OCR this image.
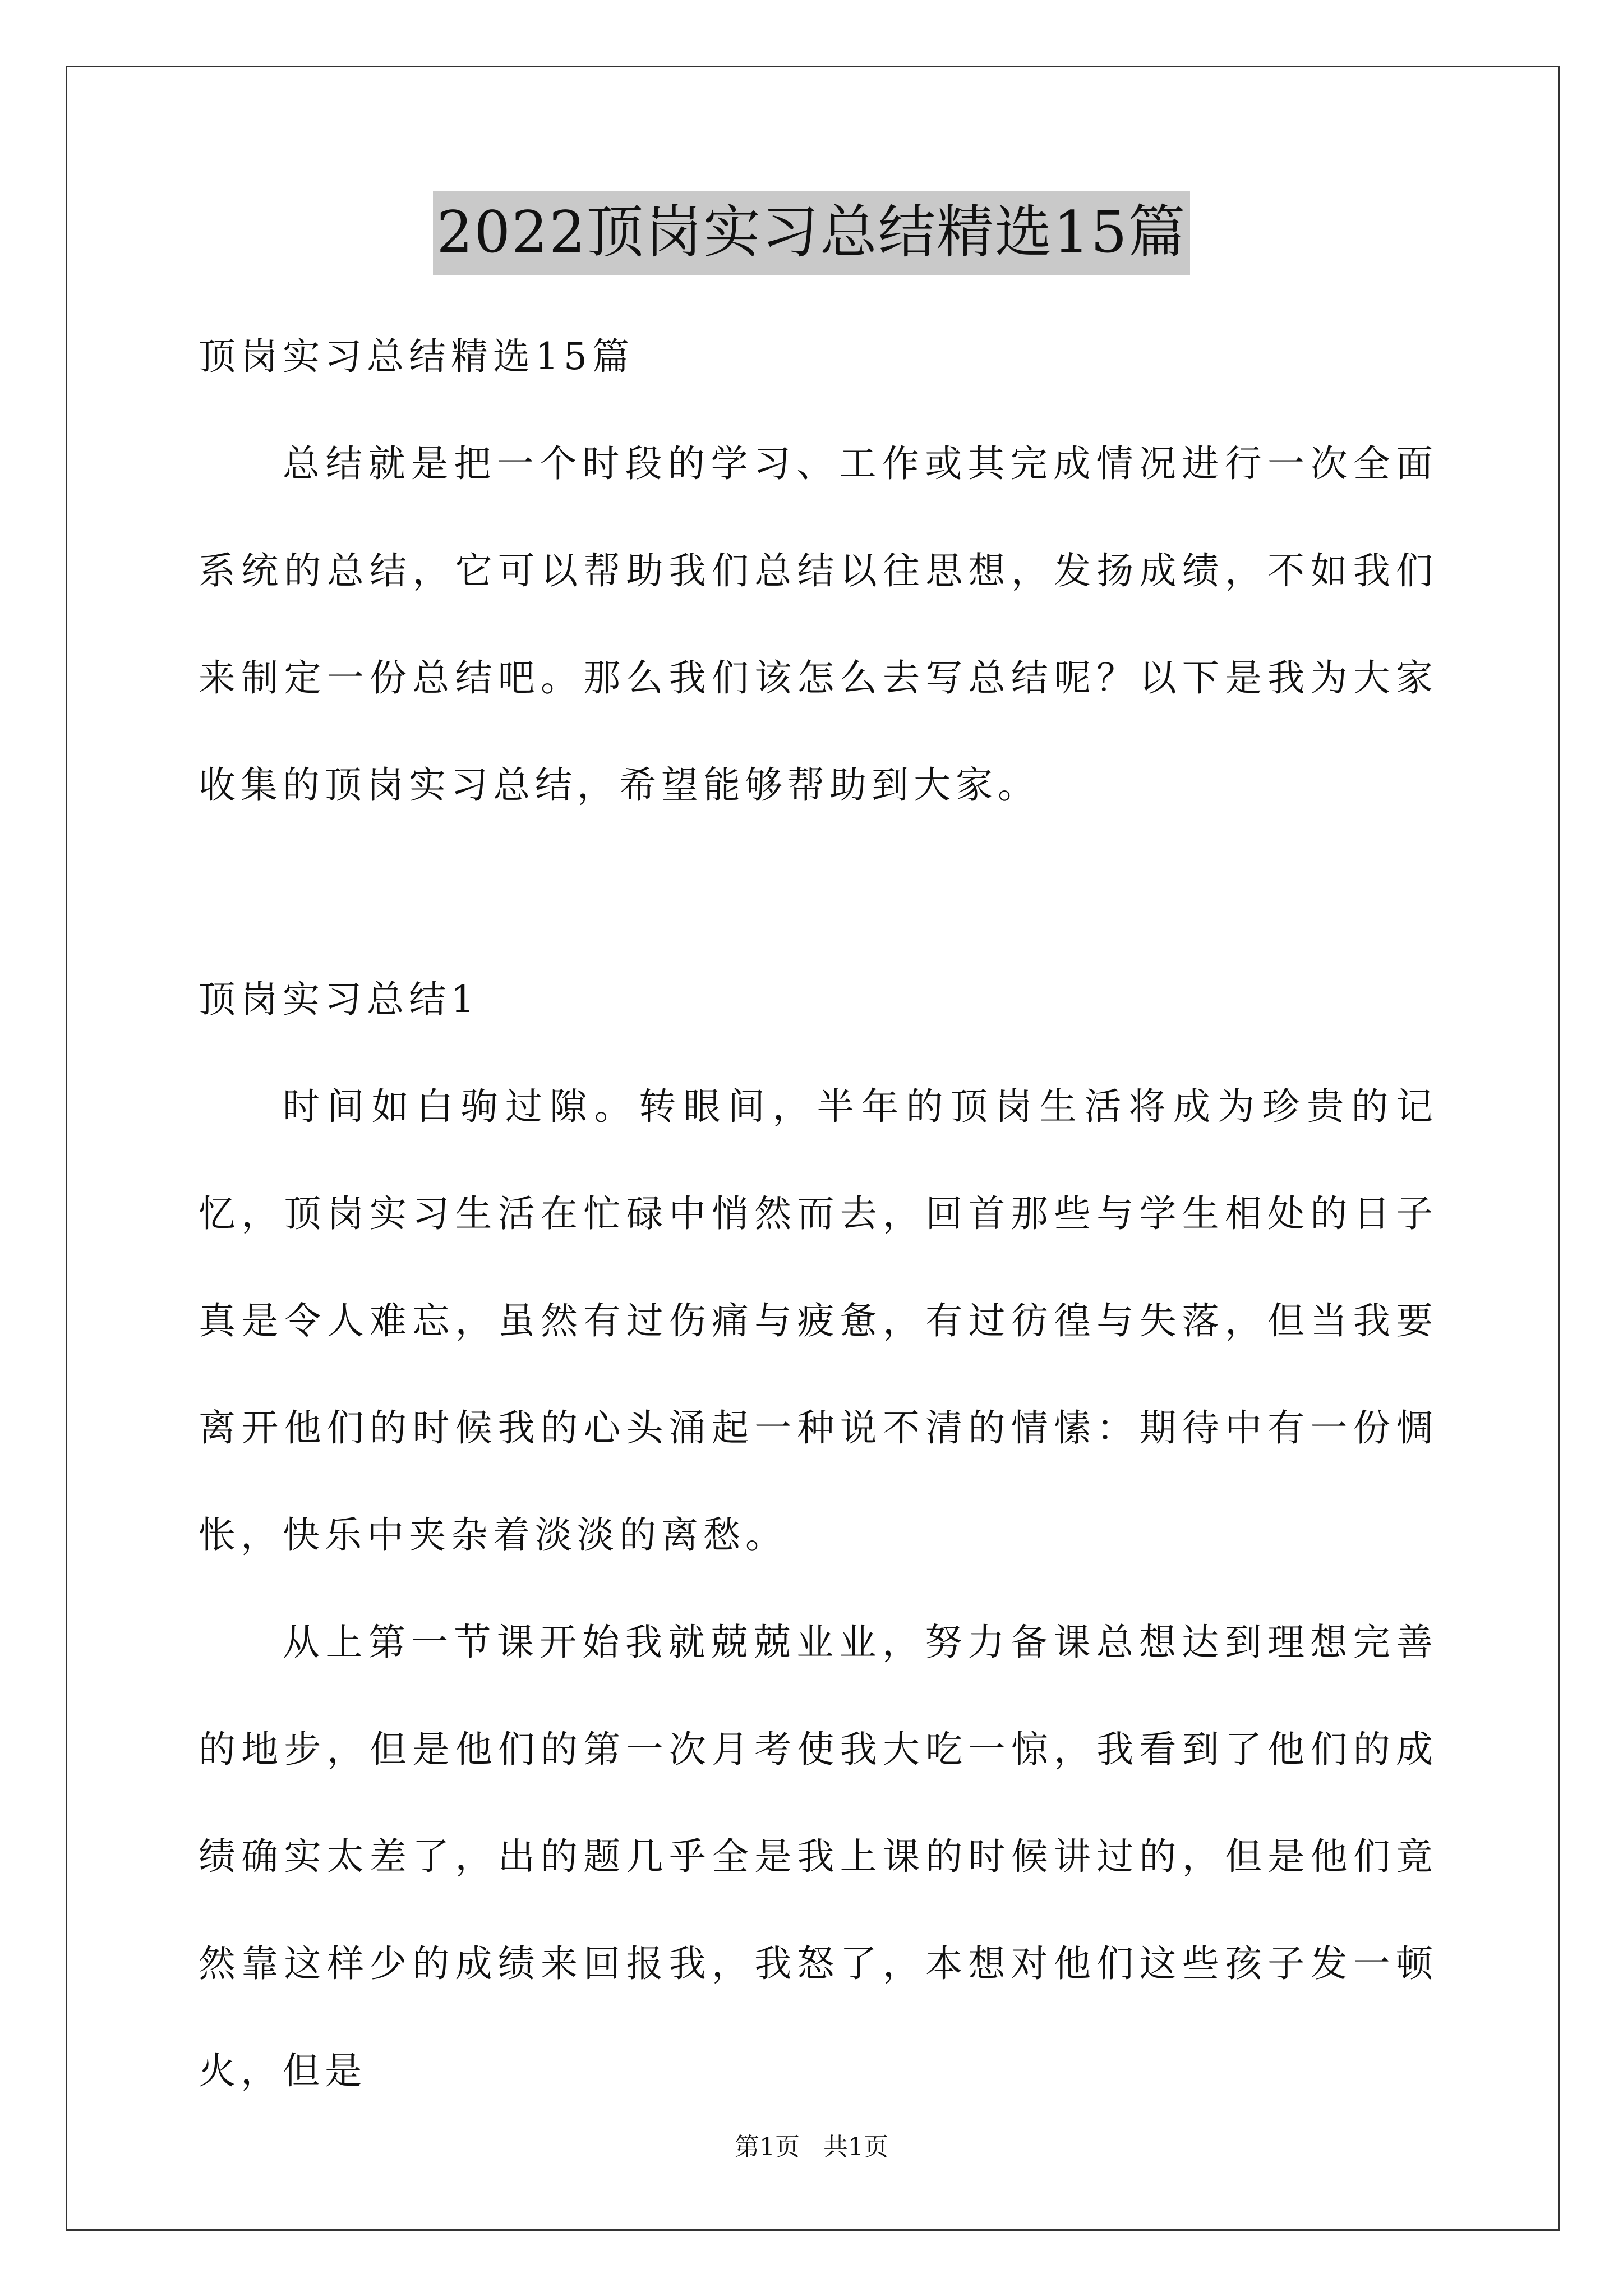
2022顶岗实习总结精选15篇

顶岗实习总结精选15篇

总结就是把一个时段的学习、工作或其完成情况进行一次全面系统的总结，它可以帮助我们总结以往思想，发扬成绩，不如我们来制定一份总结吧。那么我们该怎么去写总结呢？以下是我为大家收集的顶岗实习总结，希望能够帮助到大家。

顶岗实习总结1

时间如白驹过隙。转眼间，半年的顶岗生活将成为珍贵的记忆，顶岗实习生活在忙碌中悄然而去，回首那些与学生相处的日子真是令人难忘，虽然有过伤痛与疲惫，有过彷徨与失落，但当我要离开他们的时候我的心头涌起一种说不清的情愫：期待中有一份惆怅，快乐中夹杂着淡淡的离愁。

从上第一节课开始我就兢兢业业，努力备课总想达到理想完善的地步，但是他们的第一次月考使我大吃一惊，我看到了他们的成绩确实太差了，出的题几乎全是我上课的时候讲过的，但是他们竟然靠这样少的成绩来回报我，我怒了，本想对他们这些孩子发一顿火，但是

第1页 共1页
